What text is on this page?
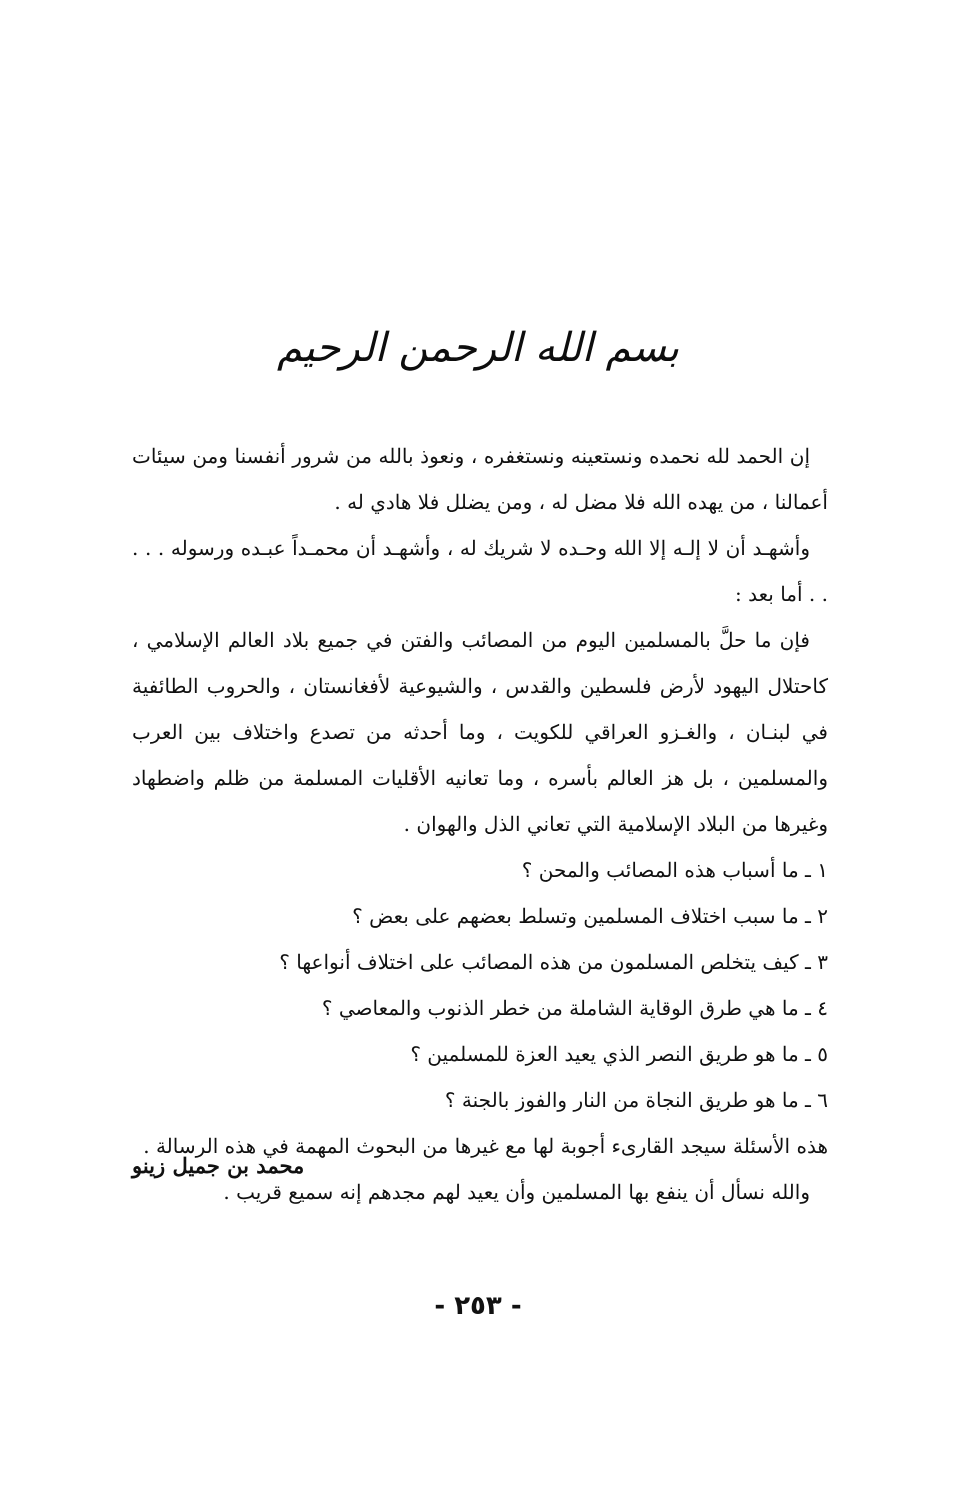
بسم الله الرحمن الرحيم

إن الحمد لله نحمده ونستعينه ونستغفره ، ونعوذ بالله من شرور أنفسنا ومن سيئات أعمالنا ، من يهده الله فلا مضل له ، ومن يضلل فلا هادي له .

وأشهـد أن لا إلـه إلا الله وحـده لا شريك له ، وأشهـد أن محمـداً عبـده ورسوله . . . . . أما بعد :

فإن ما حلَّ بالمسلمين اليوم من المصائب والفتن في جميع بلاد العالم الإسلامي ، كاحتلال اليهود لأرض فلسطين والقدس ، والشيوعية لأفغانستان ، والحروب الطائفية في لبنـان ، والغـزو العراقي للكويت ، وما أحدثه من تصدع واختلاف بين العرب والمسلمين ، بل هز العالم بأسره ، وما تعانيه الأقليات المسلمة من ظلم واضطهاد وغيرها من البلاد الإسلامية التي تعاني الذل والهوان .

١ ـ ما أسباب هذه المصائب والمحن ؟

٢ ـ ما سبب اختلاف المسلمين وتسلط بعضهم على بعض ؟

٣ ـ كيف يتخلص المسلمون من هذه المصائب على اختلاف أنواعها ؟

٤ ـ ما هي طرق الوقاية الشاملة من خطر الذنوب والمعاصي ؟

٥ ـ ما هو طريق النصر الذي يعيد العزة للمسلمين ؟

٦ ـ ما هو طريق النجاة من النار والفوز بالجنة ؟

هذه الأسئلة سيجد القارىء أجوبة لها مع غيرها من البحوث المهمة في هذه الرسالة .

والله نسأل أن ينفع بها المسلمين وأن يعيد لهم مجدهم إنه سميع قريب .

محمد بن جميل زينو
- ٢٥٣ -
